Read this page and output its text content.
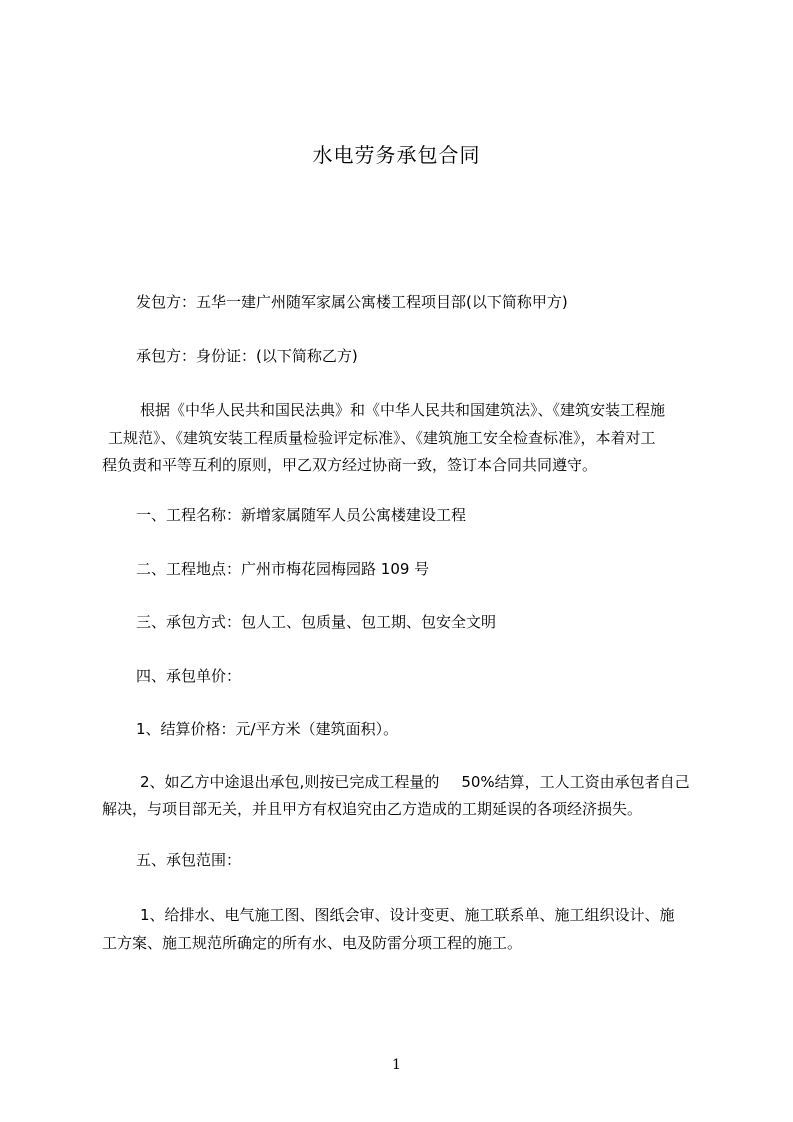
水电劳务承包合同
发包方：五华一建广州随军家属公寓楼工程项目部(以下简称甲方)
承包方：身份证：(以下简称乙方)
根据《中华人民共和国民法典》和《中华人民共和国建筑法》、《建筑安装工程施
工规范》、《建筑安装工程质量检验评定标准》、《建筑施工安全检查标准》，本着对工
程负责和平等互利的原则，甲乙双方经过协商一致，签订本合同共同遵守。
一、工程名称：新增家属随军人员公寓楼建设工程
二、工程地点：广州市梅花园梅园路 109 号
三、承包方式：包人工、包质量、包工期、包安全文明
四、承包单价：
1、结算价格：元/平方米（建筑面积）。
2、如乙方中途退出承包,则按已完成工程量的 50%结算，工人工资由承包者自己
解决，与项目部无关，并且甲方有权追究由乙方造成的工期延误的各项经济损失。
五、承包范围：
1、给排水、电气施工图、图纸会审、设计变更、施工联系单、施工组织设计、施
工方案、施工规范所确定的所有水、电及防雷分项工程的施工。
1
